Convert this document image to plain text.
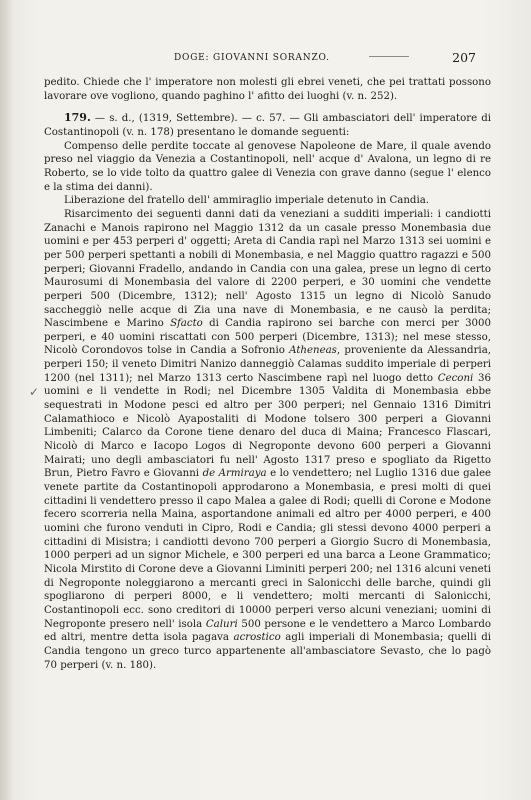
DOGE: GIOVANNI SORANZO.	207
✓

pedito. Chiede che l' imperatore non molesti gli ebrei veneti, che pei trattati possono lavorare ove vogliono, quando paghino l' afitto dei luoghi (v. n. 252).

179. — s. d., (1319, Settembre). — c. 57. — Gli ambasciatori dell' imperatore di Costantinopoli (v. n. 178) presentano le domande seguenti:

Compenso delle perdite toccate al genovese Napoleone de Mare, il quale avendo preso nel viaggio da Venezia a Costantinopoli, nell' acque d' Avalona, un legno di re Roberto, se lo vide tolto da quattro galee di Venezia con grave danno (segue l' elenco e la stima dei danni).

Liberazione del fratello dell' ammiraglio imperiale detenuto in Candia.

Risarcimento dei seguenti danni dati da veneziani a sudditi imperiali: i candiotti Zanachi e Manois rapirono nel Maggio 1312 da un casale presso Monembasia due uomini e per 453 perperi d' oggetti; Areta di Candia rapì nel Marzo 1313 sei uomini e per 500 perperi spettanti a nobili di Monembasia, e nel Maggio quattro ragazzi e 500 perperi; Giovanni Fradello, andando in Candia con una galea, prese un legno di certo Maurosumi di Monembasia del valore di 2200 perperi, e 30 uomini che vendette perperi 500 (Dicembre, 1312); nell' Agosto 1315 un legno di Nicolò Sanudo saccheggiò nelle acque di Zia una nave di Monembasia, e ne causò la perdita; Nascimbene e Marino Sfacto di Candia rapirono sei barche con merci per 3000 perperi, e 40 uomini riscattati con 500 perperi (Dicembre, 1313); nel mese stesso, Nicolò Corondovos tolse in Candia a Sofronio Atheneas, proveniente da Alessandria, perperi 150; il veneto Dimitri Nanizo danneggiò Calamas suddito imperiale di perperi 1200 (nel 1311); nel Marzo 1313 certo Nascimbene rapì nel luogo detto Ceconi 36 uomini e li vendette in Rodi; nel Dicembre 1305 Valdita di Monembasia ebbe sequestrati in Modone pesci ed altro per 300 perperi; nel Gennaio 1316 Dimitri Calamathioco e Nicolò Ayapostaliti di Modone tolsero 300 perperi a Giovanni Limbeniti; Calarco da Corone tiene denaro del duca di Maina; Francesco Flascari, Nicolò di Marco e Iacopo Logos di Negroponte devono 600 perperi a Giovanni Mairati; uno degli ambasciatori fu nell' Agosto 1317 preso e spogliato da Rigetto Brun, Pietro Favro e Giovanni de Armiraya e lo vendettero; nel Luglio 1316 due galee venete partite da Costantinopoli approdarono a Monembasia, e presi molti di quei cittadini li vendettero presso il capo Malea a galee di Rodi; quelli di Corone e Modone fecero scorreria nella Maina, asportandone animali ed altro per 4000 perperi, e 400 uomini che furono venduti in Cipro, Rodi e Candia; gli stessi devono 4000 perperi a cittadini di Misistra; i candiotti devono 700 perperi a Giorgio Sucro di Monembasia, 1000 perperi ad un signor Michele, e 300 perperi ed una barca a Leone Grammatico; Nicola Mirstito di Corone deve a Giovanni Liminiti perperi 200; nel 1316 alcuni veneti di Negroponte noleggiarono a mercanti greci in Salonicchi delle barche, quindi gli spogliarono di perperi 8000, e li vendettero; molti mercanti di Salonicchi, Costantinopoli ecc. sono creditori di 10000 perperi verso alcuni veneziani; uomini di Negroponte presero nell' isola Caluri 500 persone e le vendettero a Marco Lombardo ed altri, mentre detta isola pagava acrostico agli imperiali di Monembasia; quelli di Candia tengono un greco turco appartenente all'ambasciatore Sevasto, che lo pagò 70 perperi (v. n. 180).
